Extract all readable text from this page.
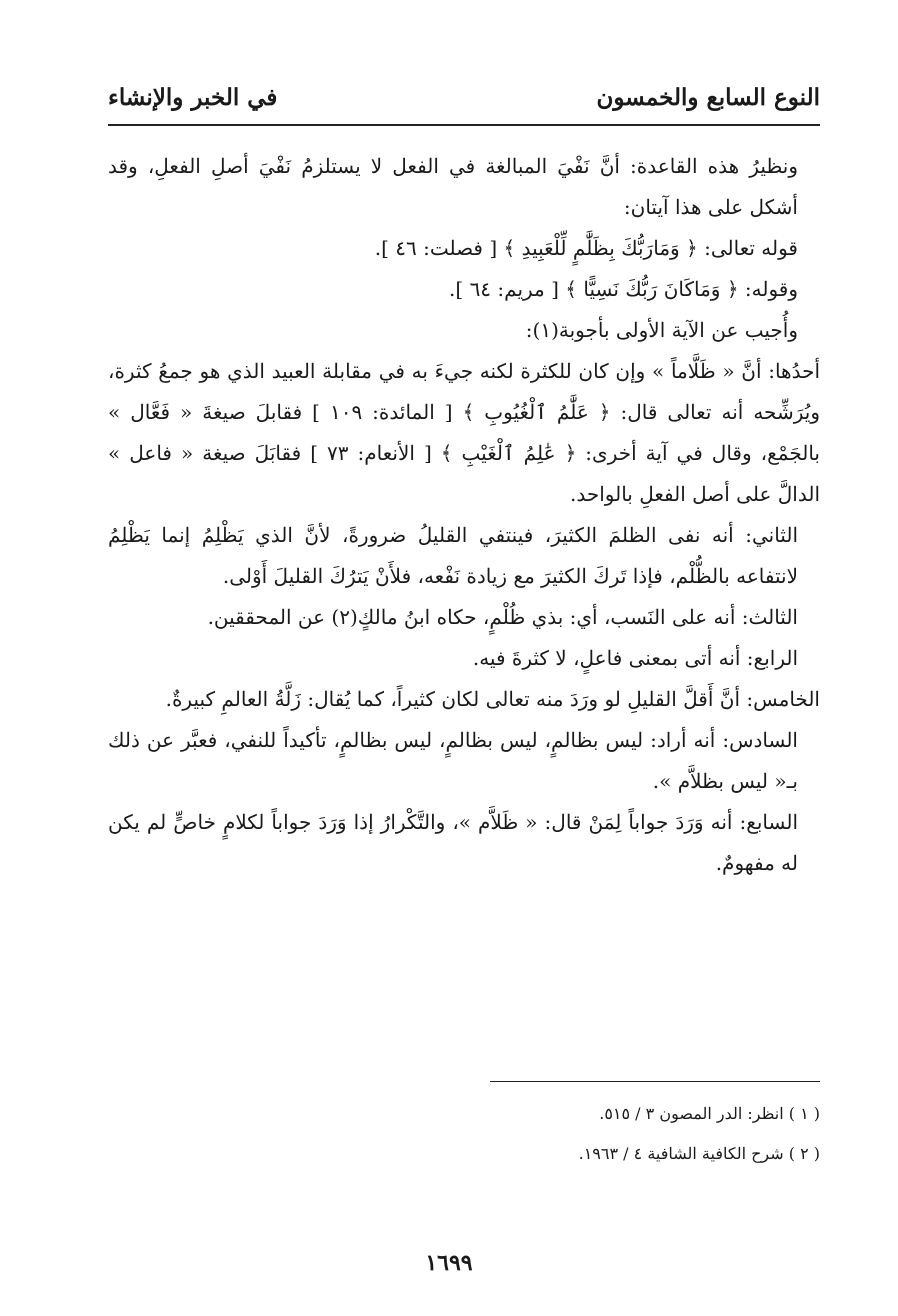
النوع السابع والخمسون
في الخبر والإنشاء

ونظيرُ هذه القاعدة: أنَّ نَفْيَ المبالغة في الفعل لا يستلزمُ نَفْيَ أصلِ الفعلِ، وقد أشكل على هذا آيتان:

قوله تعالى: ﴿ وَمَارَبُّكَ بِظَلَّٰمٍ لِّلْعَبِيدِ ﴾ [ فصلت: ٤٦ ].

وقوله: ﴿ وَمَاكَانَ رَبُّكَ نَسِيًّا ﴾ [ مريم: ٦٤ ].

وأُجيب عن الآية الأولى بأجوبة(١):

أحدُها: أنَّ « ظَلَّاماً » وإن كان للكثرة لكنه جيءَ به في مقابلة العبيد الذي هو جمعُ كثرة، ويُرَشِّحه أنه تعالى قال: ﴿ عَلَّٰمُ ٱلْغُيُوبِ ﴾ [ المائدة: ١٠٩ ] فقابلَ صيغةَ « فَعَّال » بالجَمْع، وقال في آية أخرى: ﴿ عَٰلِمُ ٱلْغَيْبِ ﴾ [ الأنعام: ٧٣ ] فقابَلَ صيغة « فاعل » الدالَّ على أصل الفعلِ بالواحد.

الثاني: أنه نفى الظلمَ الكثيرَ، فينتفي القليلُ ضرورةً، لأنَّ الذي يَظْلِمُ إنما يَظْلِمُ لانتفاعه بالظُّلْم، فإذا تَركَ الكثيرَ مع زيادة نَفْعه، فلأَنْ يَترُكَ القليلَ أَوْلى.

الثالث: أنه على النَسب، أي: بذي ظُلْمٍ، حكاه ابنُ مالكٍ(٢) عن المحققين.

الرابع: أنه أتى بمعنى فاعلٍ، لا كثرةَ فيه.

الخامس: أنَّ أَقلَّ القليلِ لو ورَدَ منه تعالى لكان كثيراً، كما يُقال: زَلَّةُ العالمِ كبيرةٌ.

السادس: أنه أراد: ليس بظالمٍ، ليس بظالمٍ، ليس بظالمٍ، تأكيداً للنفي، فعبَّر عن ذلك بـ« ليس بظلاَّم ».

السابع: أنه وَرَدَ جواباً لِمَنْ قال: « ظَلاَّم »، والتَّكْرارُ إذا وَرَدَ جواباً لكلامٍ خاصٍّ لم يكن له مفهومٌ.

( ١ ) انظر: الدر المصون ٣ / ٥١٥.

( ٢ ) شرح الكافية الشافية ٤ / ١٩٦٣.

١٦٩٩
